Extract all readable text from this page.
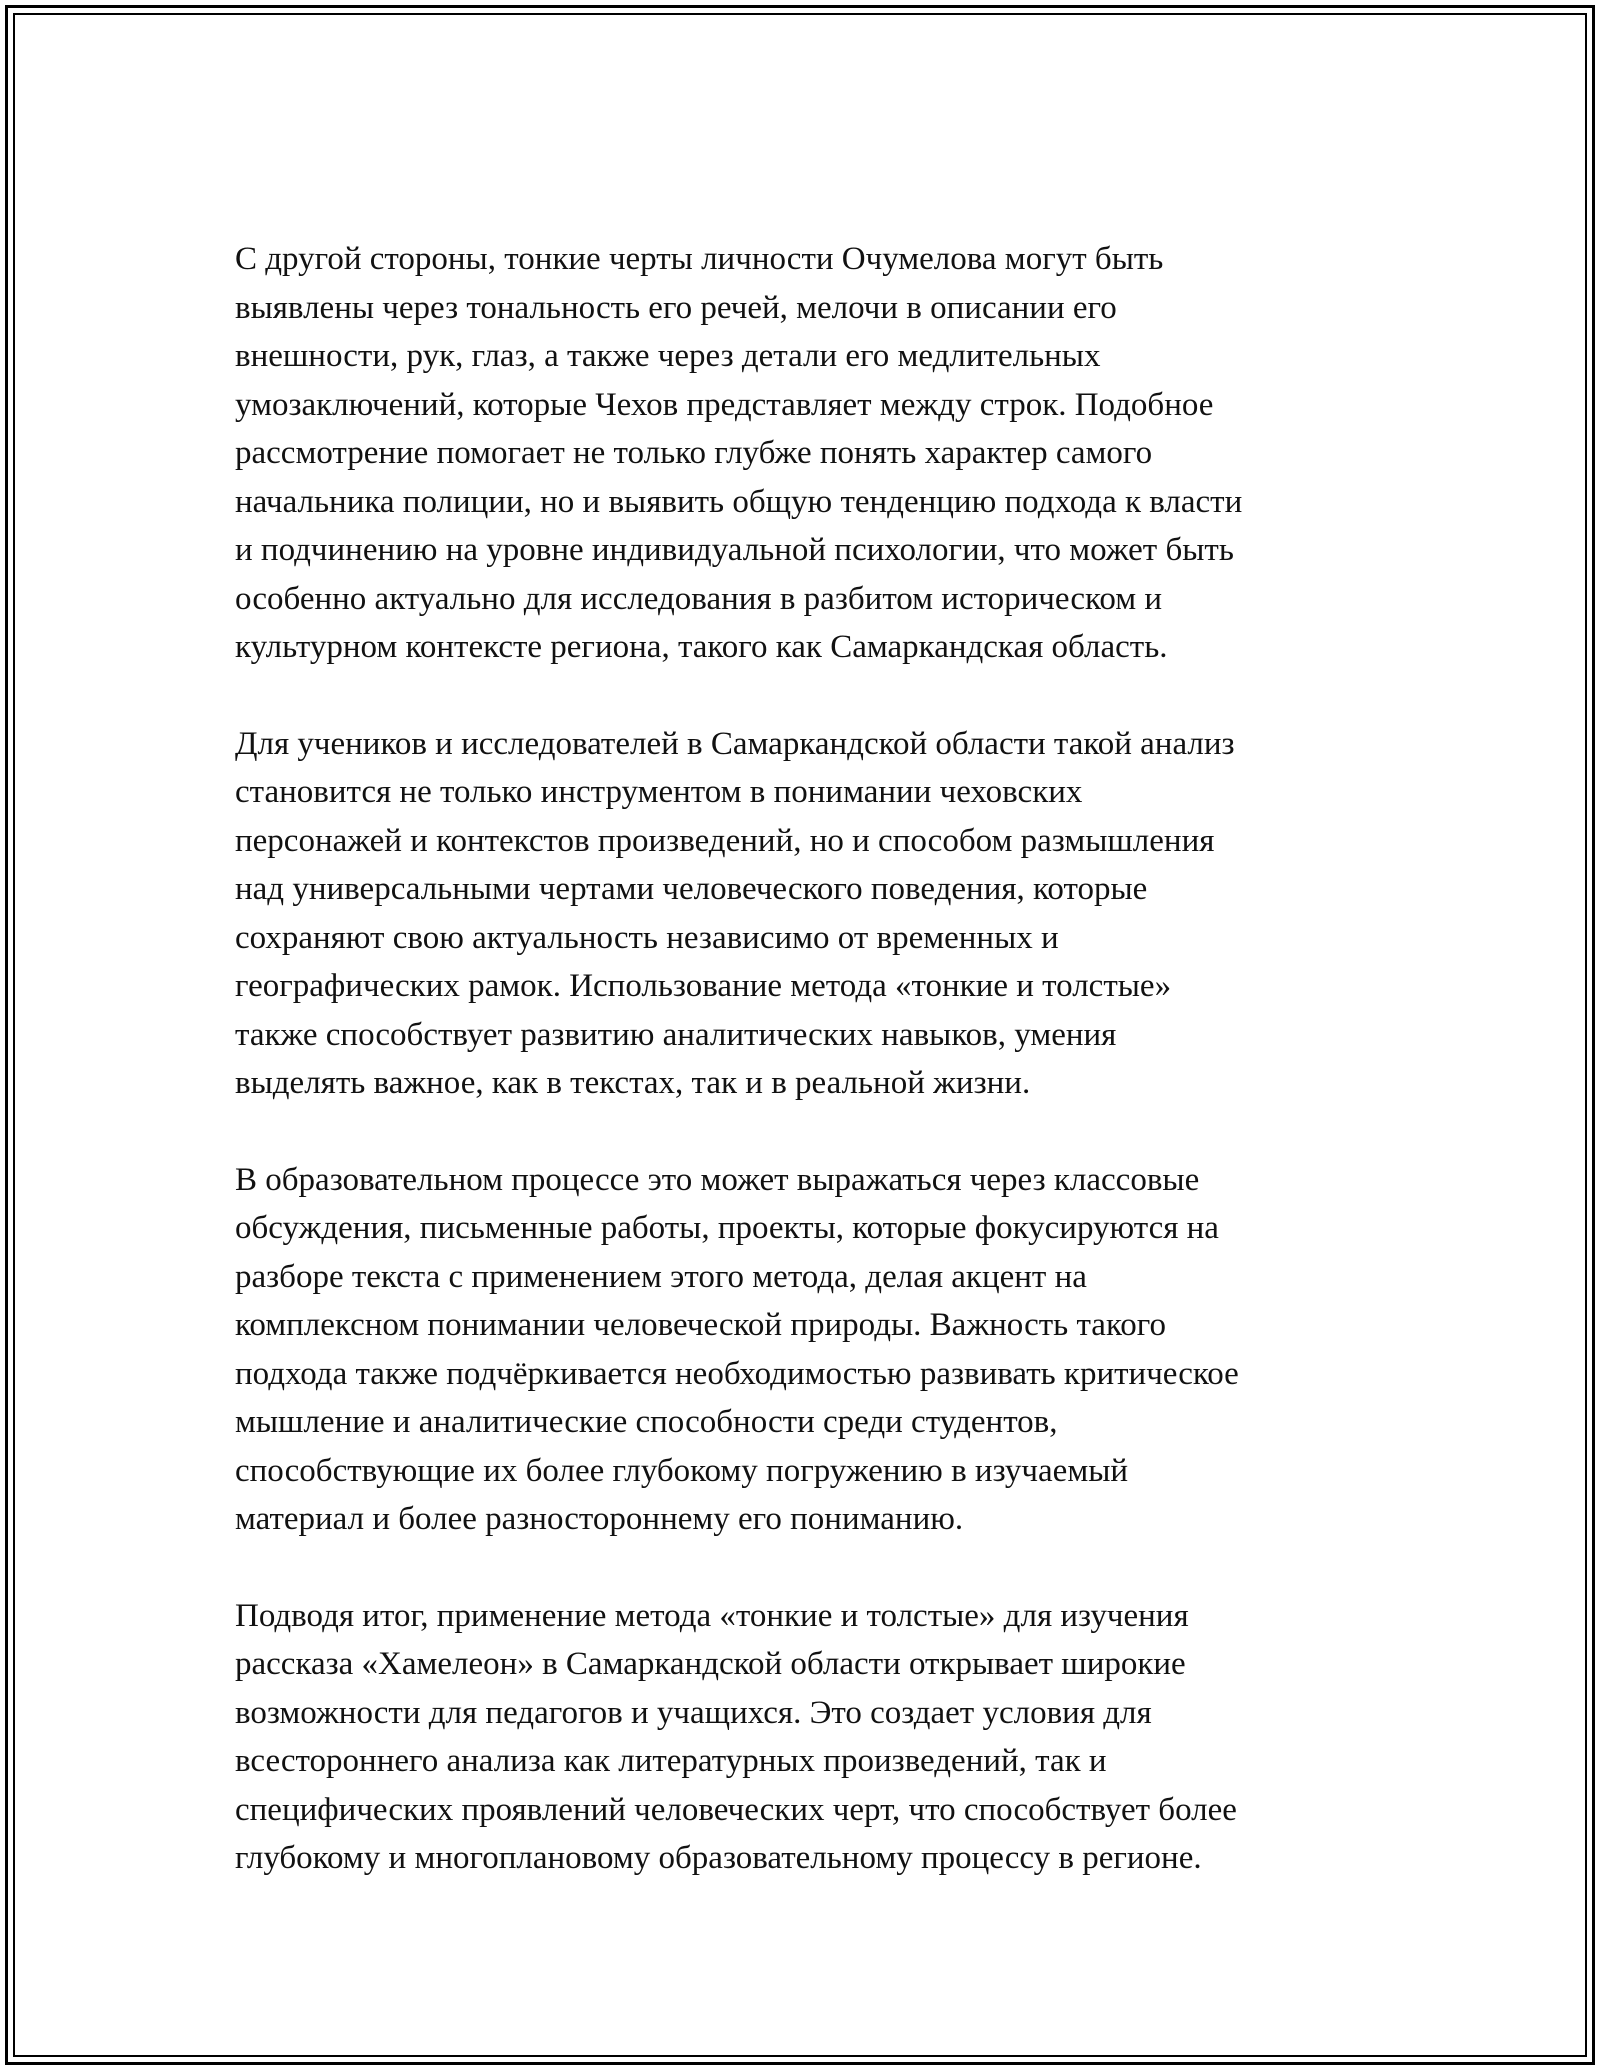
С другой стороны, тонкие черты личности Очумелова могут быть
выявлены через тональность его речей, мелочи в описании его
внешности, рук, глаз, а также через детали его медлительных
умозаключений, которые Чехов представляет между строк. Подобное
рассмотрение помогает не только глубже понять характер самого
начальника полиции, но и выявить общую тенденцию подхода к власти
и подчинению на уровне индивидуальной психологии, что может быть
особенно актуально для исследования в разбитом историческом и
культурном контексте региона, такого как Самаркандская область.

Для учеников и исследователей в Самаркандской области такой анализ
становится не только инструментом в понимании чеховских
персонажей и контекстов произведений, но и способом размышления
над универсальными чертами человеческого поведения, которые
сохраняют свою актуальность независимо от временных и
географических рамок. Использование метода «тонкие и толстые»
также способствует развитию аналитических навыков, умения
выделять важное, как в текстах, так и в реальной жизни.

В образовательном процессе это может выражаться через классовые
обсуждения, письменные работы, проекты, которые фокусируются на
разборе текста с применением этого метода, делая акцент на
комплексном понимании человеческой природы. Важность такого
подхода также подчёркивается необходимостью развивать критическое
мышление и аналитические способности среди студентов,
способствующие их более глубокому погружению в изучаемый
материал и более разностороннему его пониманию.

Подводя итог, применение метода «тонкие и толстые» для изучения
рассказа «Хамелеон» в Самаркандской области открывает широкие
возможности для педагогов и учащихся. Это создает условия для
всестороннего анализа как литературных произведений, так и
специфических проявлений человеческих черт, что способствует более
глубокому и многоплановому образовательному процессу в регионе.
